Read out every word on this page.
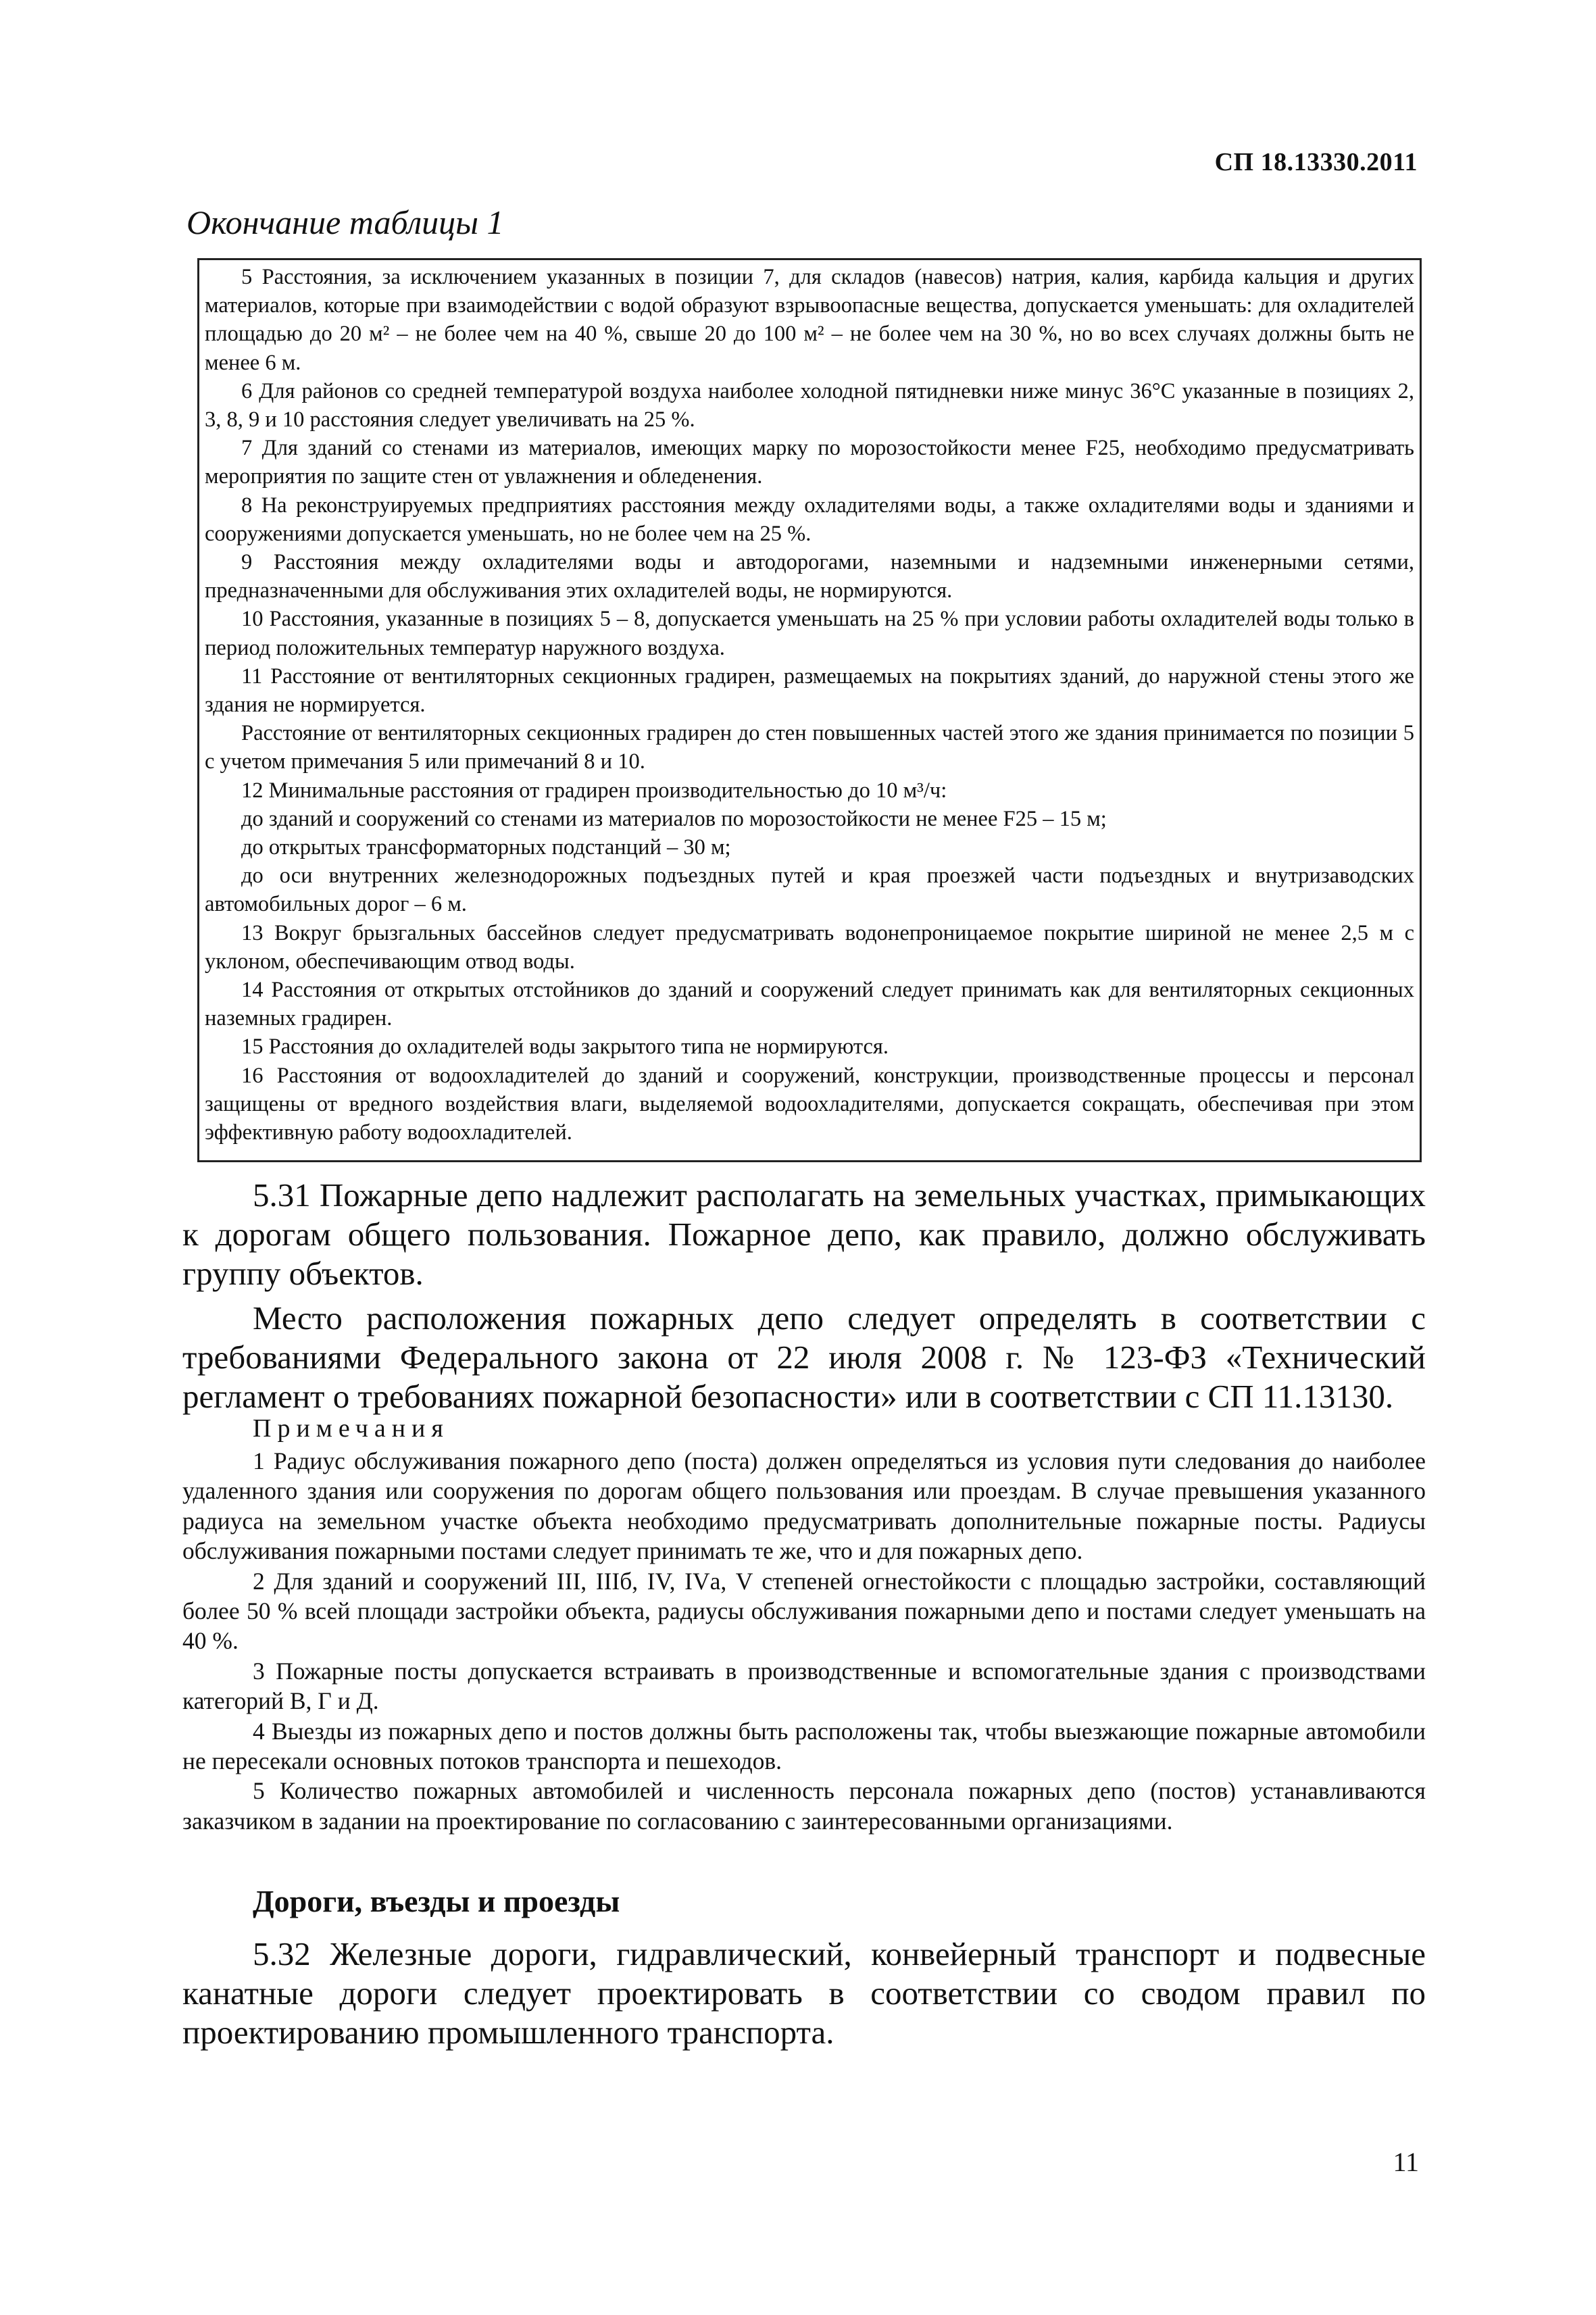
СП 18.13330.2011
Окончание таблицы 1

5 Расстояния, за исключением указанных в позиции 7, для складов (навесов) натрия, калия, карбида кальция и других материалов, которые при взаимодействии с водой образуют взрывоопасные вещества, допускается уменьшать: для охладителей площадью до 20 м² – не более чем на 40 %, свыше 20 до 100 м² – не более чем на 30 %, но во всех случаях должны быть не менее 6 м.

6 Для районов со средней температурой воздуха наиболее холодной пятидневки ниже минус 36°С указанные в позициях 2, 3, 8, 9 и 10 расстояния следует увеличивать на 25 %.

7 Для зданий со стенами из материалов, имеющих марку по морозостойкости менее F25, необходимо предусматривать мероприятия по защите стен от увлажнения и обледенения.

8 На реконструируемых предприятиях расстояния между охладителями воды, а также охладителями воды и зданиями и сооружениями допускается уменьшать, но не более чем на 25 %.

9 Расстояния между охладителями воды и автодорогами, наземными и надземными инженерными сетями, предназначенными для обслуживания этих охладителей воды, не нормируются.

10 Расстояния, указанные в позициях 5 – 8, допускается уменьшать на 25 % при условии работы охладителей воды только в период положительных температур наружного воздуха.

11 Расстояние от вентиляторных секционных градирен, размещаемых на покрытиях зданий, до наружной стены этого же здания не нормируется.

Расстояние от вентиляторных секционных градирен до стен повышенных частей этого же здания принимается по позиции 5 с учетом примечания 5 или примечаний 8 и 10.

12 Минимальные расстояния от градирен производительностью до 10 м³/ч:

до зданий и сооружений со стенами из материалов по морозостойкости не менее F25 – 15 м;

до открытых трансформаторных подстанций – 30 м;

до оси внутренних железнодорожных подъездных путей и края проезжей части подъездных и внутризаводских автомобильных дорог – 6 м.

13 Вокруг брызгальных бассейнов следует предусматривать водонепроницаемое покрытие шириной не менее 2,5 м с уклоном, обеспечивающим отвод воды.

14 Расстояния от открытых отстойников до зданий и сооружений следует принимать как для вентиляторных секционных наземных градирен.

15 Расстояния до охладителей воды закрытого типа не нормируются.

16 Расстояния от водоохладителей до зданий и сооружений, конструкции, производственные процессы и персонал защищены от вредного воздействия влаги, выделяемой водоохладителями, допускается сокращать, обеспечивая при этом эффективную работу водоохладителей.

5.31 Пожарные депо надлежит располагать на земельных участках, примыкающих к дорогам общего пользования. Пожарное депо, как правило, должно обслуживать группу объектов.

Место расположения пожарных депо следует определять в соответствии с требованиями Федерального закона от 22 июля 2008 г. № 123-ФЗ «Технический регламент о требованиях пожарной безопасности» или в соответствии с СП 11.13130.

Примечания

1 Радиус обслуживания пожарного депо (поста) должен определяться из условия пути следования до наиболее удаленного здания или сооружения по дорогам общего пользования или проездам. В случае превышения указанного радиуса на земельном участке объекта необходимо предусматривать дополнительные пожарные посты. Радиусы обслуживания пожарными постами следует принимать те же, что и для пожарных депо.

2 Для зданий и сооружений III, IIIб, IV, IVа, V степеней огнестойкости с площадью застройки, составляющий более 50 % всей площади застройки объекта, радиусы обслуживания пожарными депо и постами следует уменьшать на 40 %.

3 Пожарные посты допускается встраивать в производственные и вспомогательные здания с производствами категорий В, Г и Д.

4 Выезды из пожарных депо и постов должны быть расположены так, чтобы выезжающие пожарные автомобили не пересекали основных потоков транспорта и пешеходов.

5 Количество пожарных автомобилей и численность персонала пожарных депо (постов) устанавливаются заказчиком в задании на проектирование по согласованию с заинтересованными организациями.

Дороги, въезды и проезды

5.32 Железные дороги, гидравлический, конвейерный транспорт и подвесные канатные дороги следует проектировать в соответствии со сводом правил по проектированию промышленного транспорта.

11
